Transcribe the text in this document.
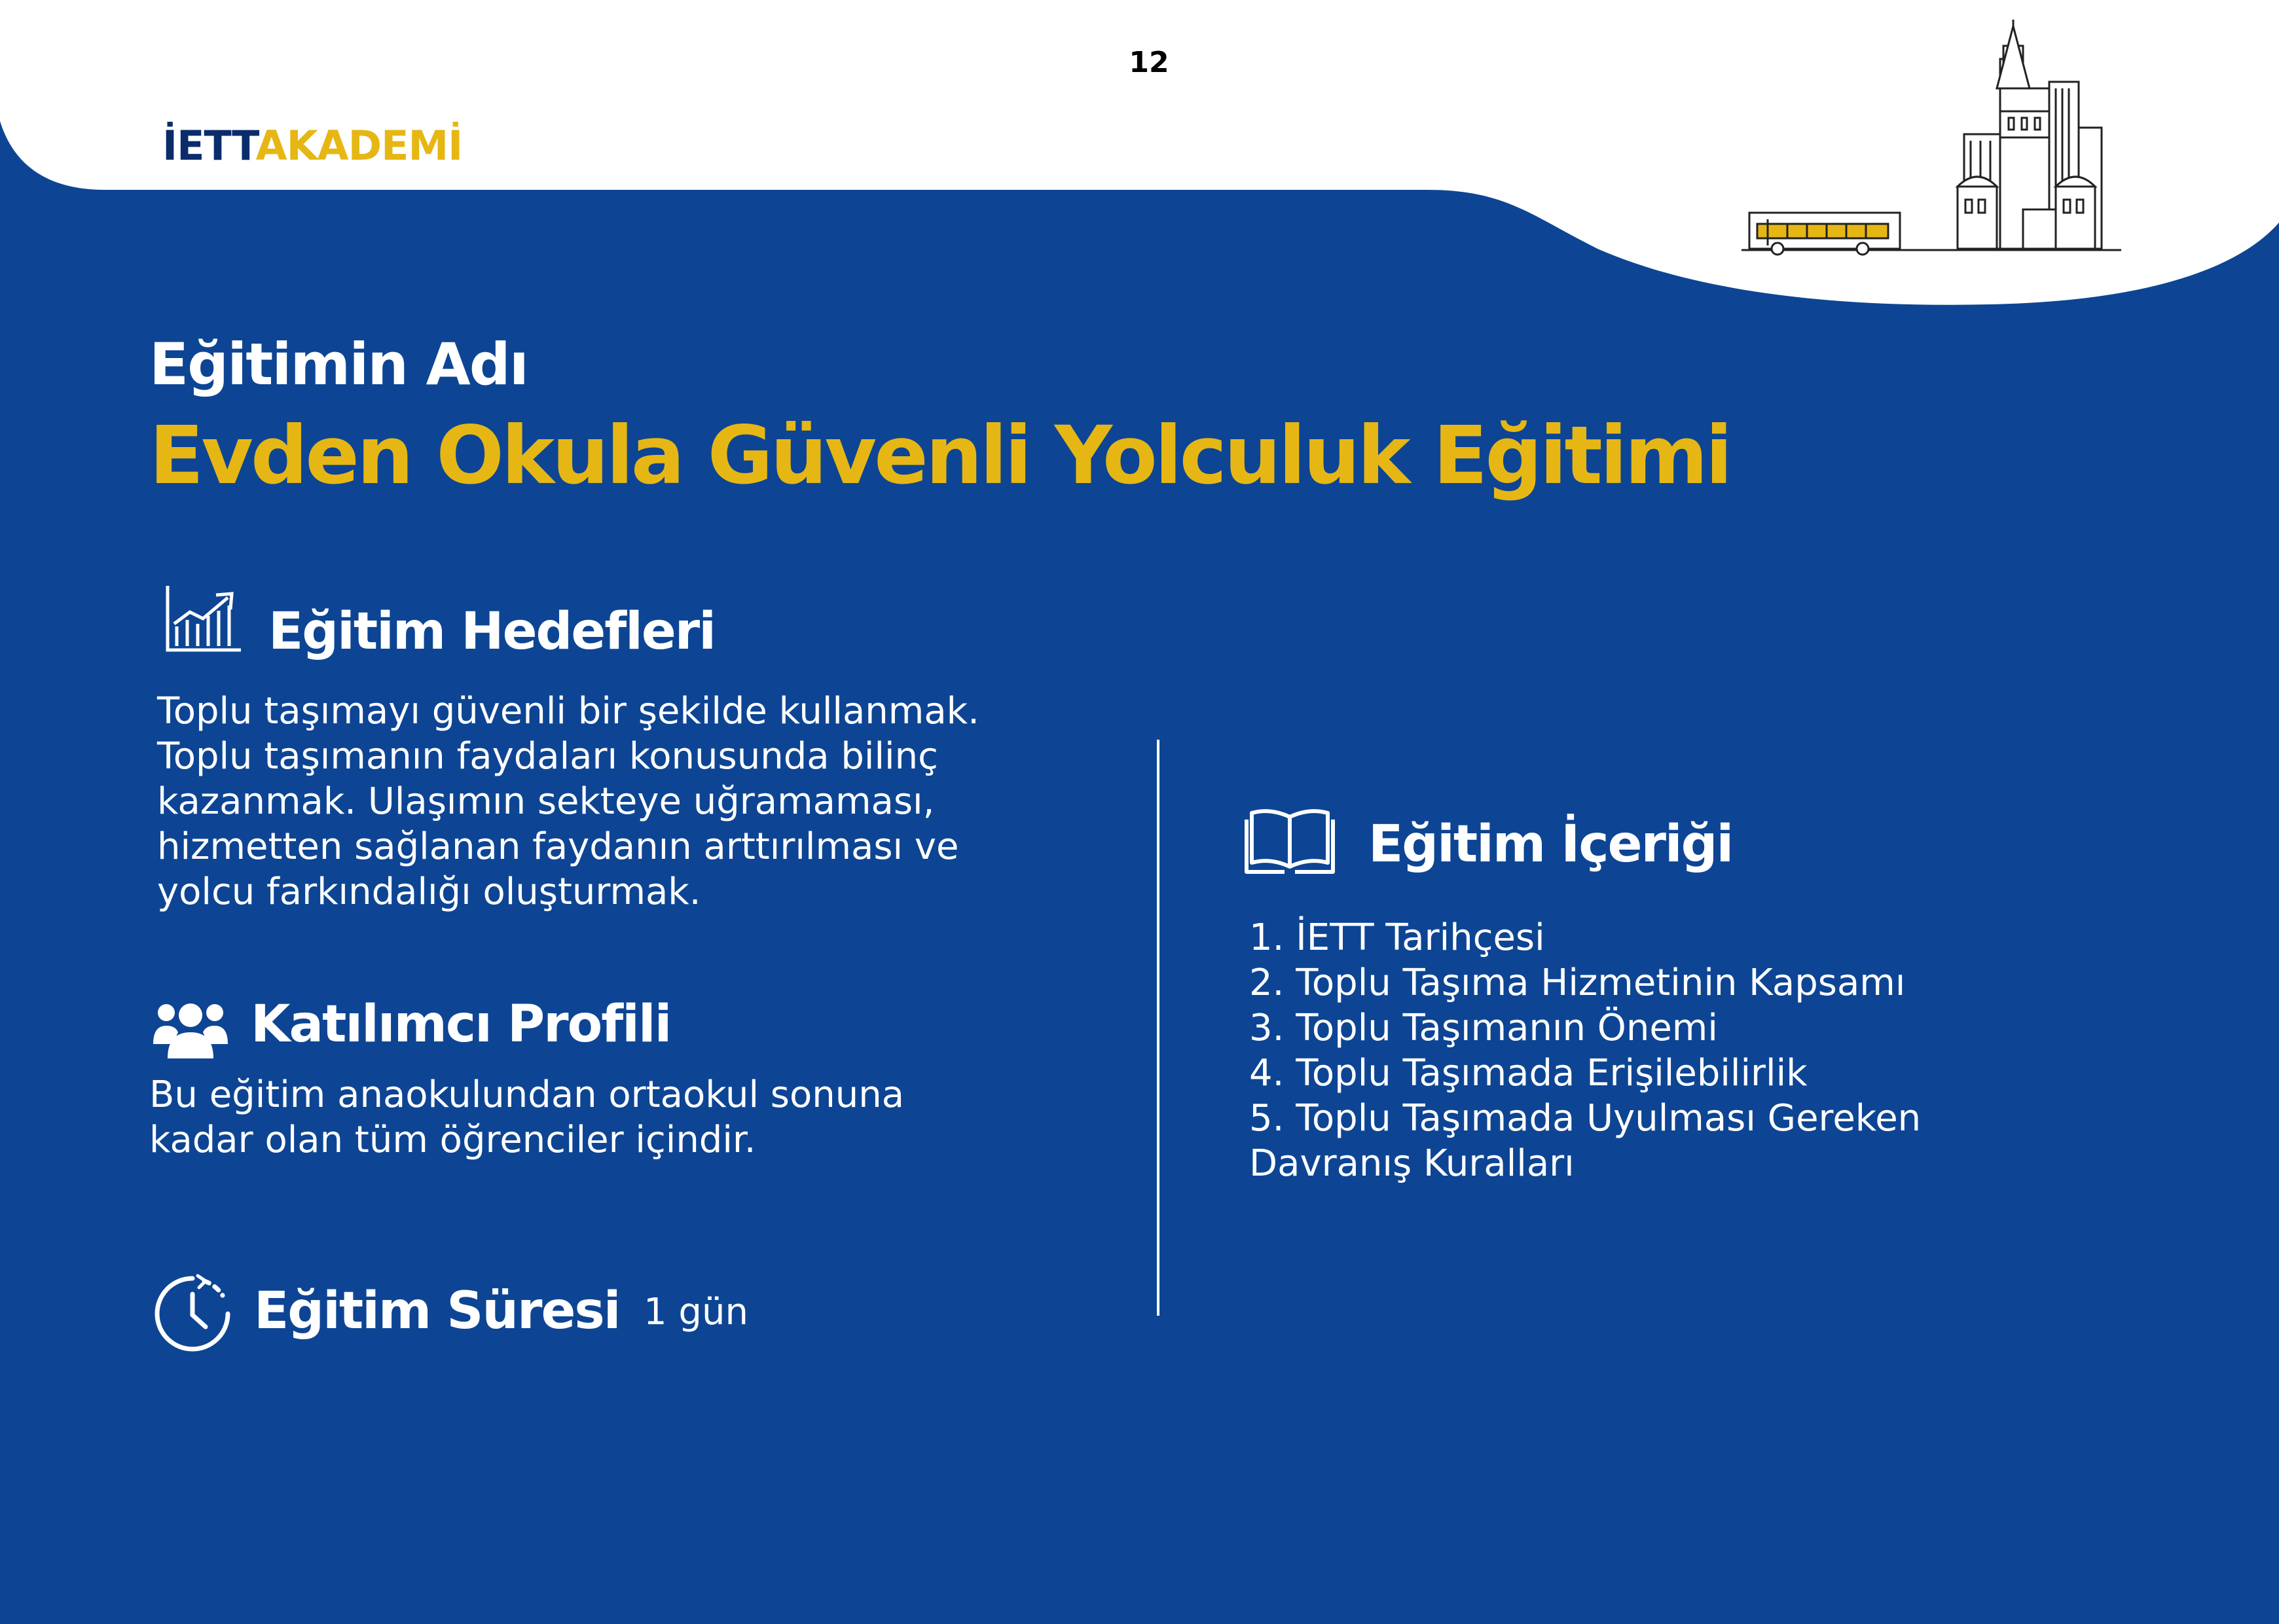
12
İETTAKADEMİ
Eğitimin Adı
Evden Okula Güvenli Yolculuk Eğitimi
Eğitim Hedefleri
Toplu taşımayı güvenli bir şekilde kullanmak.
Toplu taşımanın faydaları konusunda bilinç
kazanmak. Ulaşımın sekteye uğramaması,
hizmetten sağlanan faydanın arttırılması ve
yolcu farkındalığı oluşturmak.
Katılımcı Profili
Bu eğitim anaokulundan ortaokul sonuna
kadar olan tüm öğrenciler içindir.
Eğitim Süresi 1 gün
Eğitim İçeriği
1. İETT Tarihçesi
2. Toplu Taşıma Hizmetinin Kapsamı
3. Toplu Taşımanın Önemi
4. Toplu Taşımada Erişilebilirlik
5. Toplu Taşımada Uyulması Gereken
Davranış Kuralları
